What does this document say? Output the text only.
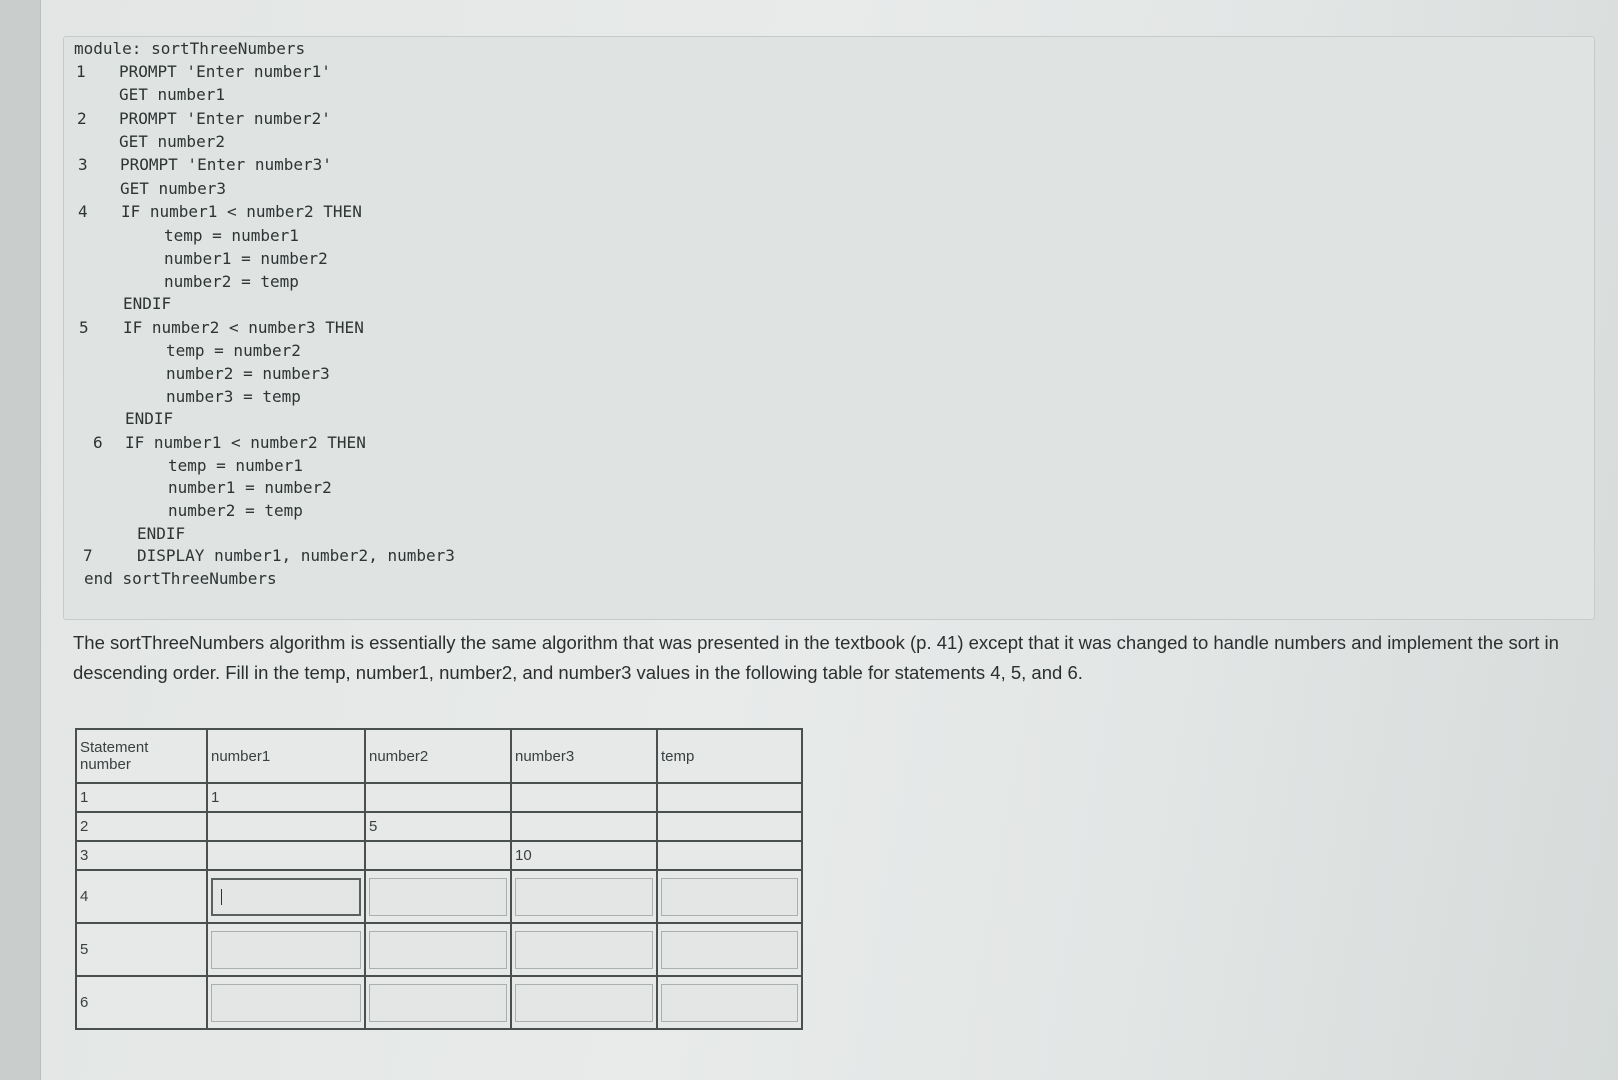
module: sortThreeNumbers
1 PROMPT 'Enter number1'
GET number1
2 PROMPT 'Enter number2'
GET number2
3 PROMPT 'Enter number3'
GET number3
4 IF number1 < number2 THEN
temp = number1
number1 = number2
number2 = temp
ENDIF
5 IF number2 < number3 THEN
temp = number2
number2 = number3
number3 = temp
ENDIF
6 IF number1 < number2 THEN
temp = number1
number1 = number2
number2 = temp
ENDIF
7	DISPLAY number1, number2, number3
end sortThreeNumbers
The sortThreeNumbers algorithm is essentially the same algorithm that was presented in the textbook (p. 41) except that it was changed to handle numbers and implement the sort in descending order. Fill in the temp, number1, number2, and number3 values in the following table for statements 4, 5, and 6.
Statement
number	number1	number2	number3	temp
1	1			
2		5		
3			10	
4	

5	

6	
